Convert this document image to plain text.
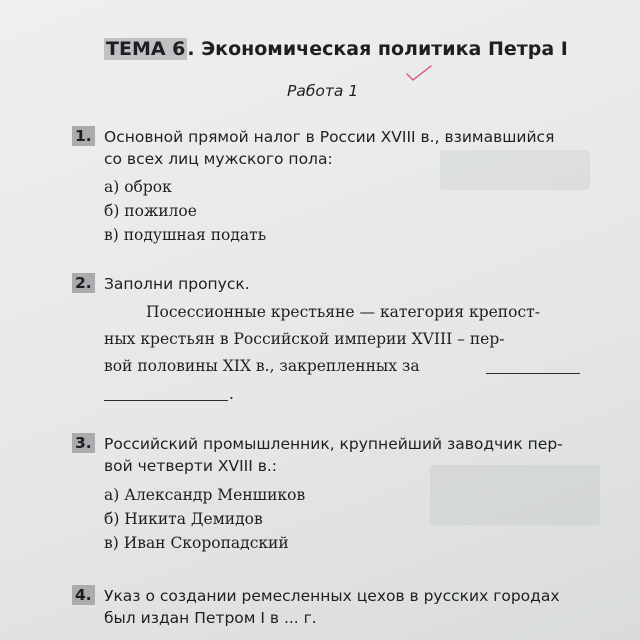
ТЕМА 6 . Экономическая политика Петра I
Работа 1
1. Основной прямой налог в России XVIII в., взимавшийся
со всех лиц мужского пола:
а) оброк
б) пожилое
в) подушная подать
2. Заполни пропуск.
Посессионные крестьяне — категория крепост-
ных крестьян в Российской империи XVIII – пер-
вой половины XIX в., закрепленных за
.
3. Российский промышленник, крупнейший заводчик пер-
вой четверти XVIII в.:
а) Александр Меншиков
б) Никита Демидов
в) Иван Скоропадский
4. Указ о создании ремесленных цехов в русских городах
был издан Петром I в ... г.
